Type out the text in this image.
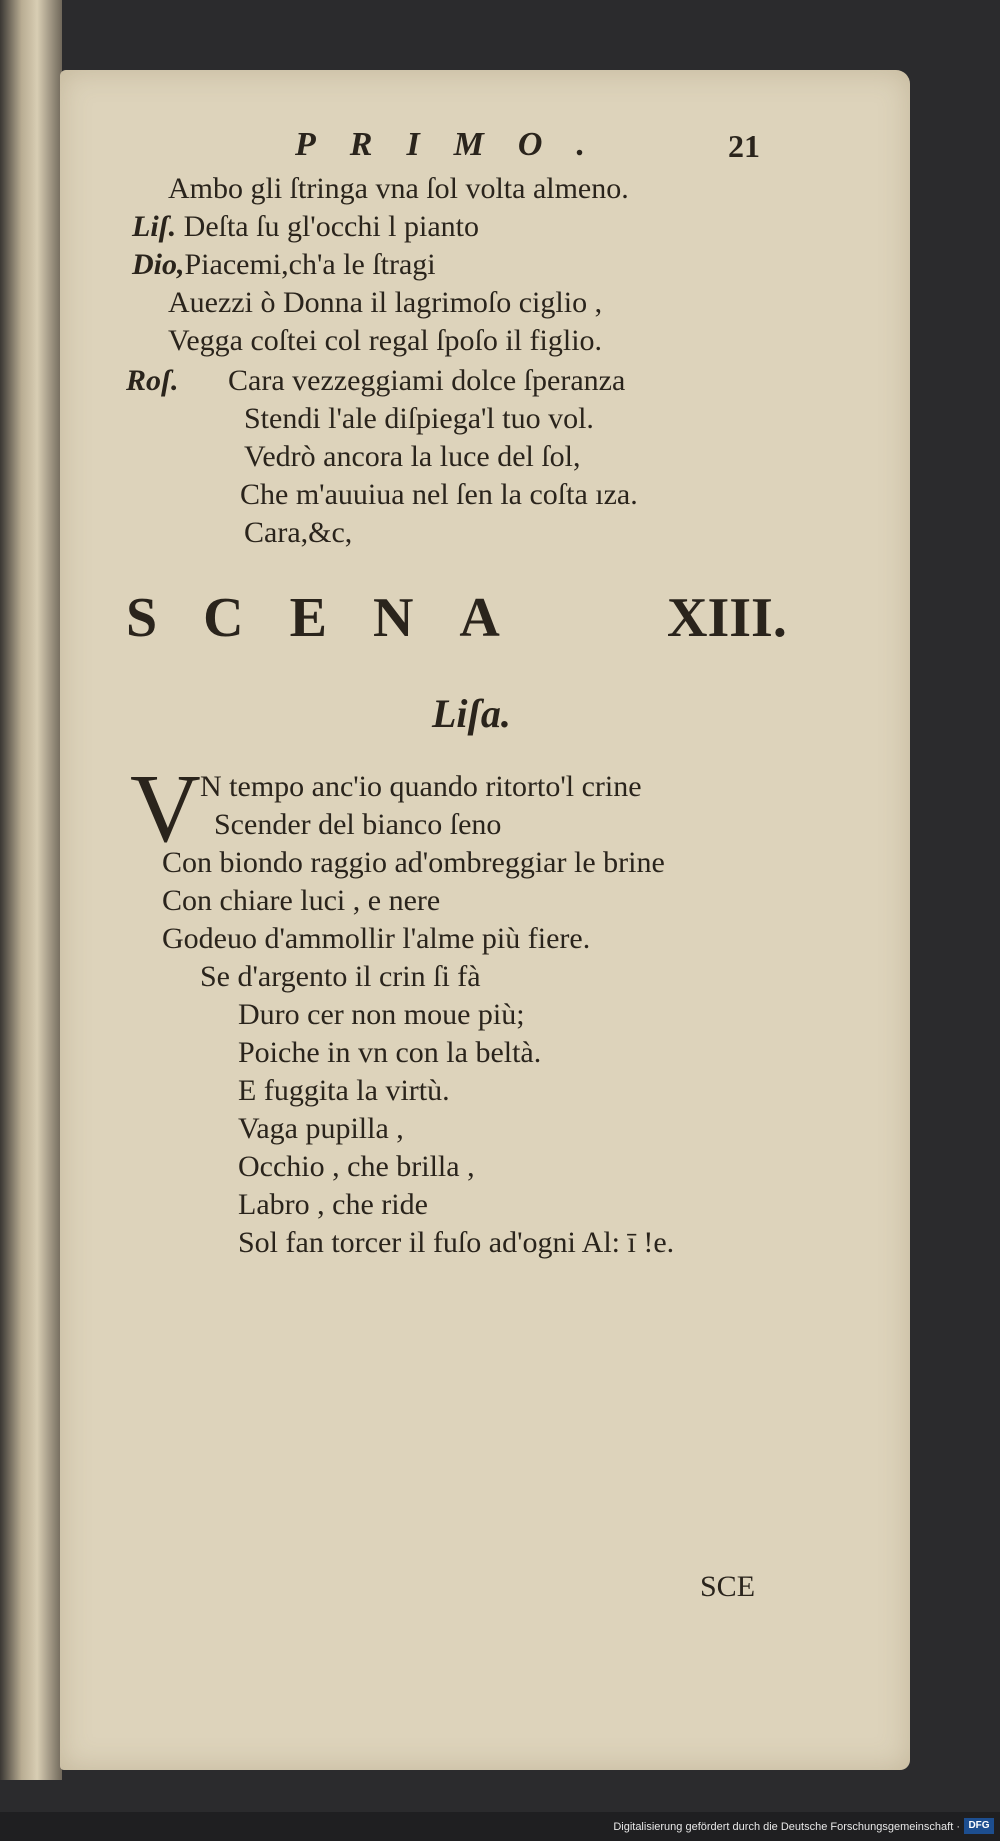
PRIMO.	21
Ambo gli ſtringa vna ſol volta almeno.
Liſ. Deſta ſu gl'occhi l pianto
Dio,Piacemi,ch'a le ſtragi
Auezzi ò Donna il lagrimoſo ciglio ,
Vegga coſtei col regal ſpoſo il figlio.
Roſ. Cara vezzeggiami dolce ſperanza
Stendi l'ale diſpiega'l tuo vol.
Vedrò ancora la luce del ſol,
Che m'auuiua nel ſen la coſta ıza.
Cara,&c,
SCENA XIII.
Liſa.
V N tempo anc'io quando ritorto'l crine
Scender del bianco ſeno
Con biondo raggio ad'ombreggiar le brine
Con chiare luci , e nere
Godeuo d'ammollir l'alme più fiere.
Se d'argento il crin ſi fà
Duro cer non moue più;
Poiche in vn con la beltà.
E fuggita la virtù.
Vaga pupilla ,
Occhio , che brilla ,
Labro , che ride
Sol fan torcer il fuſo ad'ogni Al: ī !e.
SCE
Digitalisierung gefördert durch die Deutsche Forschungsgemeinschaft · DFG
